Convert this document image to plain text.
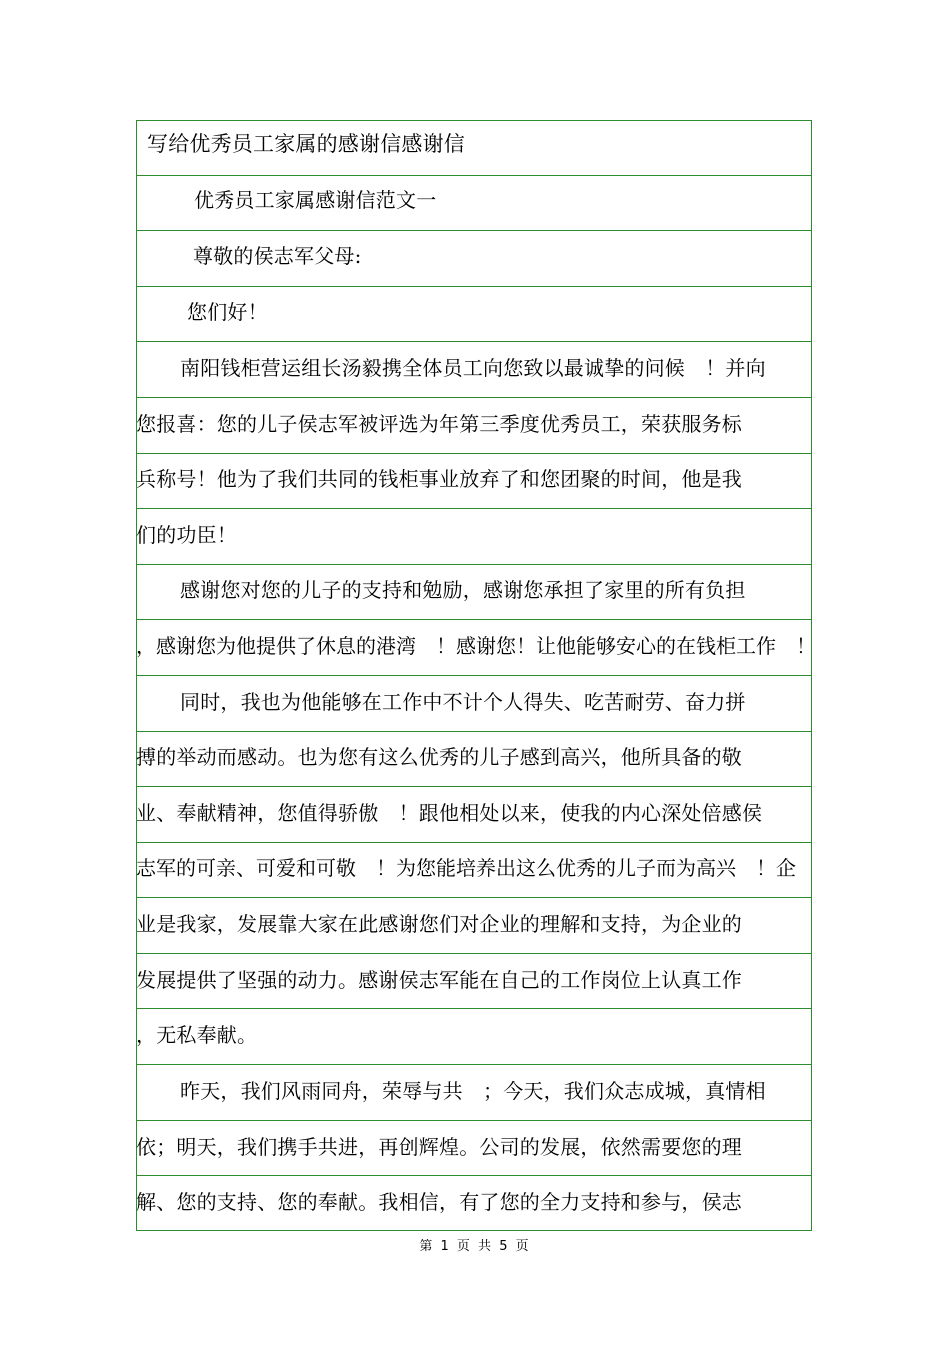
写给优秀员工家属的感谢信感谢信
优秀员工家属感谢信范文一
尊敬的侯志军父母:
您们好！
南阳钱柜营运组长汤毅携全体员工向您致以最诚挚的问候　！并向
您报喜：您的儿子侯志军被评选为年第三季度优秀员工，荣获服务标
兵称号！他为了我们共同的钱柜事业放弃了和您团聚的时间，他是我
们的功臣！
感谢您对您的儿子的支持和勉励，感谢您承担了家里的所有负担
，感谢您为他提供了休息的港湾　！感谢您！让他能够安心的在钱柜工作　！
同时，我也为他能够在工作中不计个人得失、吃苦耐劳、奋力拼
搏的举动而感动。也为您有这么优秀的儿子感到高兴，他所具备的敬
业、奉献精神，您值得骄傲　！跟他相处以来，使我的内心深处倍感侯
志军的可亲、可爱和可敬　！为您能培养出这么优秀的儿子而为高兴　！企
业是我家，发展靠大家在此感谢您们对企业的理解和支持，为企业的
发展提供了坚强的动力。感谢侯志军能在自己的工作岗位上认真工作
，无私奉献。
昨天，我们风雨同舟，荣辱与共　；今天，我们众志成城，真情相
依；明天，我们携手共进，再创辉煌。公司的发展，依然需要您的理
解、您的支持、您的奉献。我相信，有了您的全力支持和参与，侯志
第 1 页 共 5 页
